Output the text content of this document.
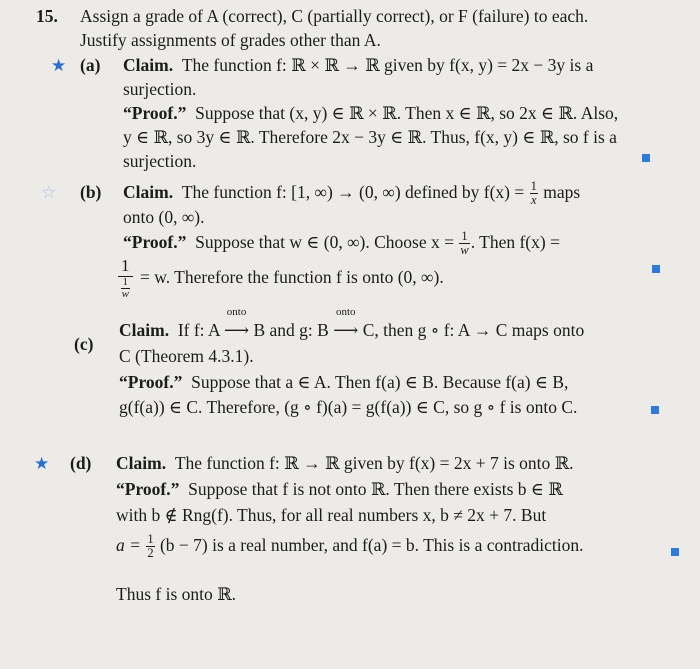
15. Assign a grade of A (correct), C (partially correct), or F (failure) to each.
Justify assignments of grades other than A.
★ (a) Claim. The function f: ℝ × ℝ → ℝ given by f(x, y) = 2x − 3y is a
surjection.
“Proof.” Suppose that (x, y) ∈ ℝ × ℝ. Then x ∈ ℝ, so 2x ∈ ℝ. Also,
y ∈ ℝ, so 3y ∈ ℝ. Therefore 2x − 3y ∈ ℝ. Thus, f(x, y) ∈ ℝ, so f is a
surjection.
☆ (b) Claim. The function f: [1, ∞) → (0, ∞) defined by $f(x) = \frac{1}{x}$ maps
onto (0, ∞).
“Proof.” Suppose that w ∈ (0, ∞). Choose $x = \frac{1}{w}$ . Then f(x) =
$\frac{1}{\frac{1}{w}} = w$. Therefore the function f is onto (0, ∞).
(c)
Claim. If f: A
onto
⟶ B and g: B
onto
⟶ C, then g ∘ f: A → C maps onto
C (Theorem 4.3.1).
“Proof.” Suppose that a ∈ A. Then f(a) ∈ B. Because f(a) ∈ B,
g(f(a)) ∈ C. Therefore, (g ∘ f)(a) = g(f(a)) ∈ C, so g ∘ f is onto C.
★ (d) Claim. The function f: ℝ → ℝ given by f(x) = 2x + 7 is onto ℝ.
“Proof.” Suppose that f is not onto ℝ. Then there exists b ∈ ℝ
with b ∉ Rng(f). Thus, for all real numbers x, b ≠ 2x + 7. But
$a = \frac{1}{2} (b - 7)$ is a real number, and f(a) = b. This is a contradiction.
Thus f is onto ℝ.
